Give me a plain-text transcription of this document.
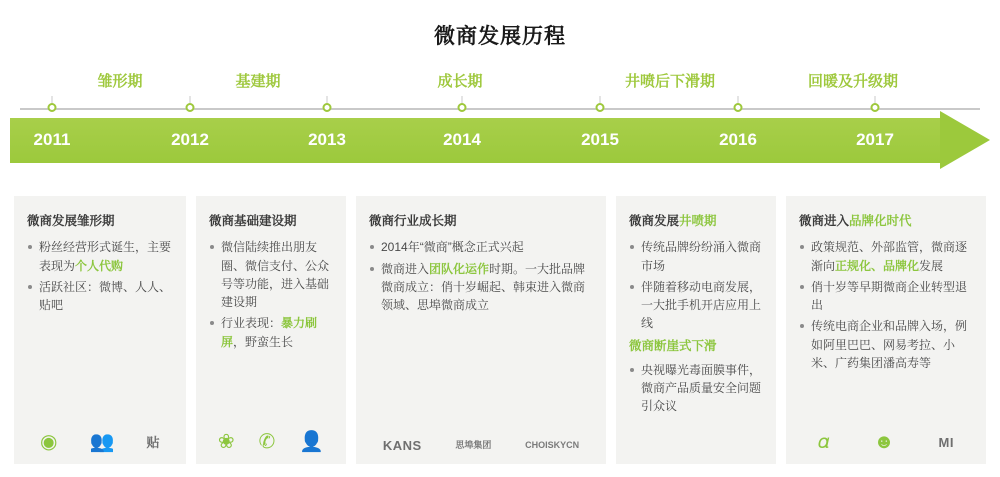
微商发展历程
雏形期	基建期	成长期	井喷后下滑期	回暖及升级期
2011	2012	2013	2014	2015	2016	2017
微商发展雏形期
粉丝经营形式诞生，主要表现为个人代购
活跃社区：微博、人人、贴吧
◉ 👥 贴
微商基础建设期
微信陆续推出朋友圈、微信支付、公众号等功能，进入基础建设期
行业表现：暴力刷屏，野蛮生长
❀ ✆ 👤
微商行业成长期
2014年“微商”概念正式兴起
微商进入团队化运作时期。一大批品牌微商成立：俏十岁崛起、韩束进入微商领域、思埠微商成立
KANS	思埠集团	CHOISKYCN
微商发展井喷期
传统品牌纷纷涌入微商市场
伴随着移动电商发展，一大批手机开店应用上线
微商断崖式下滑
央视曝光毒面膜事件，微商产品质量安全问题引众议
微商进入品牌化时代
政策规范、外部监管，微商逐渐向正规化、品牌化发展
俏十岁等早期微商企业转型退出
传统电商企业和品牌入场，例如阿里巴巴、网易考拉、小米、广药集团潘高寿等
𝛼 ☻	MI
